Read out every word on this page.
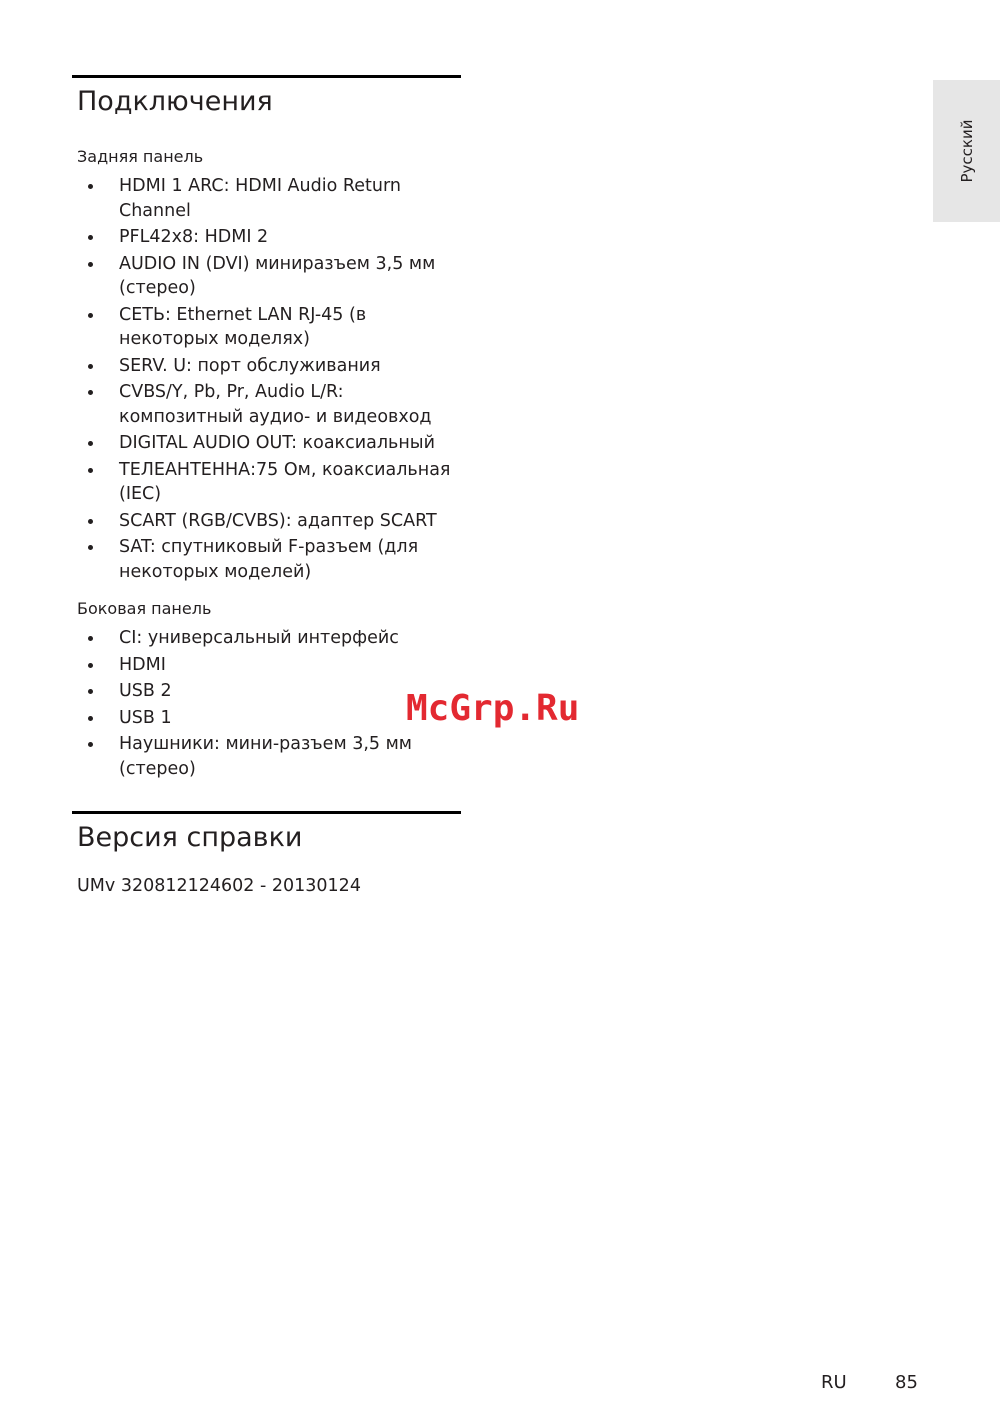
Русский
Подключения
Задняя панель
HDMI 1 ARC: HDMI Audio Return Channel
PFL42x8: HDMI 2
AUDIO IN (DVI) миниразъем 3,5 мм (стерео)
СЕТЬ: Ethernet LAN RJ-45 (в некоторых моделях)
SERV. U: порт обслуживания
CVBS/Y, Pb, Pr, Audio L/R: композитный аудио- и видеовход
DIGITAL AUDIO OUT: коаксиальный
ТЕЛЕАНТЕННА:75 Ом, коаксиальная (IEC)
SCART (RGB/CVBS): адаптер SCART
SAT: спутниковый F-разъем (для некоторых моделей)
Боковая панель
CI: универсальный интерфейс
HDMI
USB 2
USB 1
Наушники: мини-разъем 3,5 мм (стерео)
Версия справки
UMv 320812124602 - 20130124
McGrp.Ru
RU	85
